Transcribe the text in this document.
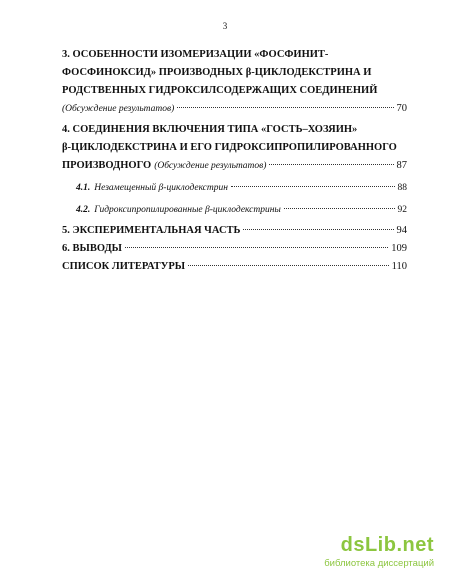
3
3. ОСОБЕННОСТИ ИЗОМЕРИЗАЦИИ «ФОСФИНИТ-
ФОСФИНОКСИД» ПРОИЗВОДНЫХ β-ЦИКЛОДЕКСТРИНА И
РОДСТВЕННЫХ ГИДРОКСИЛСОДЕРЖАЩИХ СОЕДИНЕНИЙ
(Обсуждение результатов)	70
4. СОЕДИНЕНИЯ ВКЛЮЧЕНИЯ ТИПА «ГОСТЬ–ХОЗЯИН»
β-ЦИКЛОДЕКСТРИНА И ЕГО ГИДРОКСИПРОПИЛИРОВАННОГО
ПРОИЗВОДНОГО (Обсуждение результатов)	87
4.1. Незамещенный β-циклодекстрин	88
4.2. Гидроксипропилированные β-циклодекстрины	92
5. ЭКСПЕРИМЕНТАЛЬНАЯ ЧАСТЬ	94
6. ВЫВОДЫ	109
СПИСОК ЛИТЕРАТУРЫ	110
dsLib.net
библиотека диссертаций
